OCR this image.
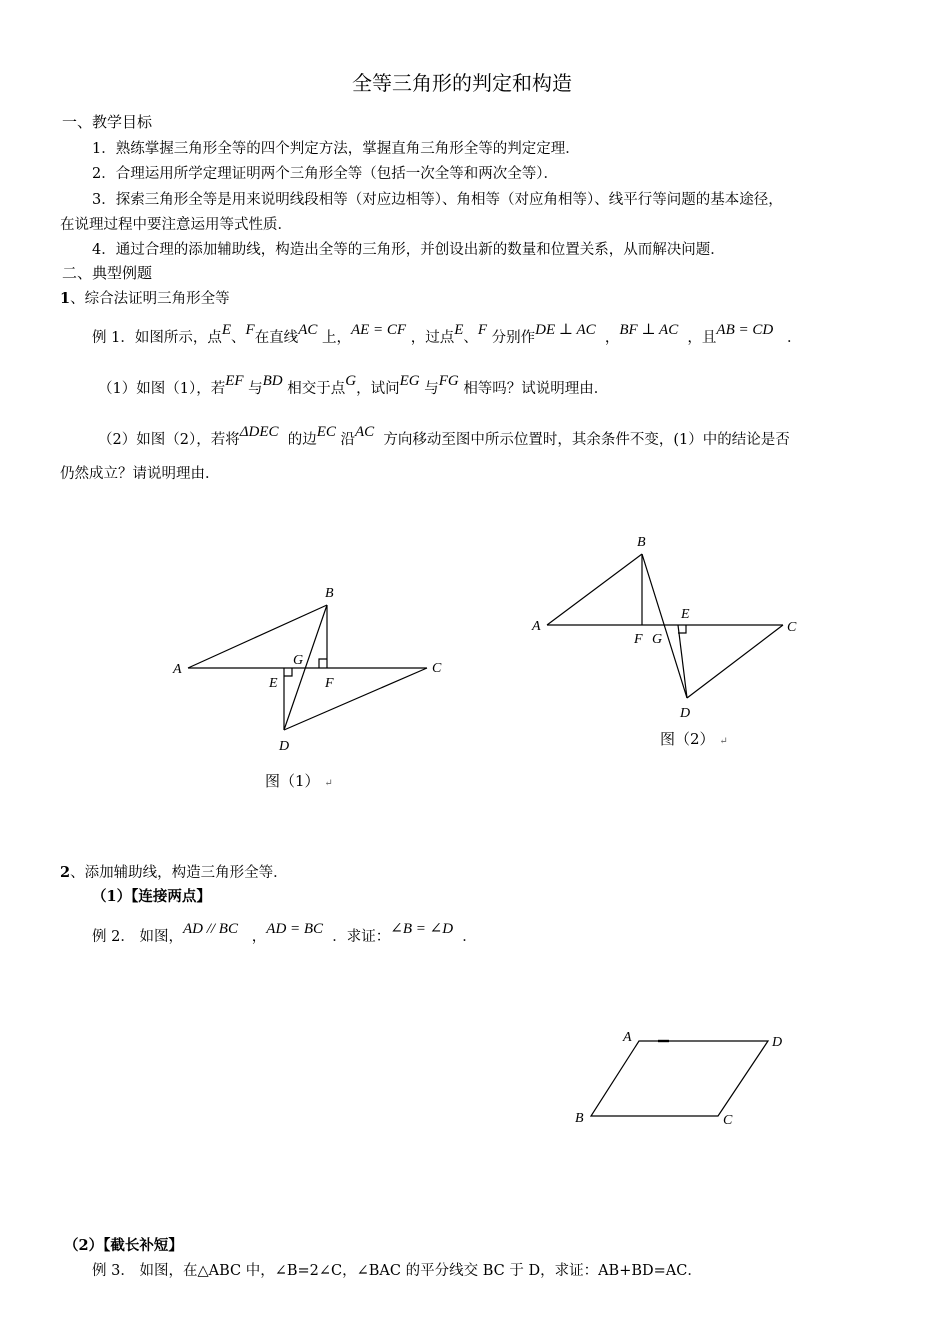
全等三角形的判定和构造
一、教学目标
1．熟练掌握三角形全等的四个判定方法，掌握直角三角形全等的判定定理．
2．合理运用所学定理证明两个三角形全等（包括一次全等和两次全等）．
3．探索三角形全等是用来说明线段相等（对应边相等）、角相等（对应角相等）、线平行等问题的基本途径，
在说理过程中要注意运用等式性质．
4．通过合理的添加辅助线，构造出全等的三角形，并创设出新的数量和位置关系，从而解决问题．
二、典型例题
1、综合法证明三角形全等
例 1．如图所示，点E、F在直线AC 上，AE = CF ，过点E、F 分别作DE ⊥ AC ，BF ⊥ AC ，且AB = CD ．
（1）如图（1），若EF 与BD 相交于点G，试问EG 与FG 相等吗？试说明理由．
（2）如图（2），若将ΔDEC 的边EC 沿AC 方向移动至图中所示位置时，其余条件不变，(1）中的结论是否
仍然成立？请说明理由．
A
B
C
D
E	F
G
图（1） ↵
A
B
C
D
E
F G
图（2） ↵
2、添加辅助线，构造三角形全等．
（1）【连接两点】
例 2． 如图，AD // BC ，AD = BC ．求证：∠B = ∠D ．
A	D
B	C
（2）【截长补短】
例 3． 如图，在△ABC 中，∠B=2∠C，∠BAC 的平分线交 BC 于 D，求证：AB+BD=AC．
